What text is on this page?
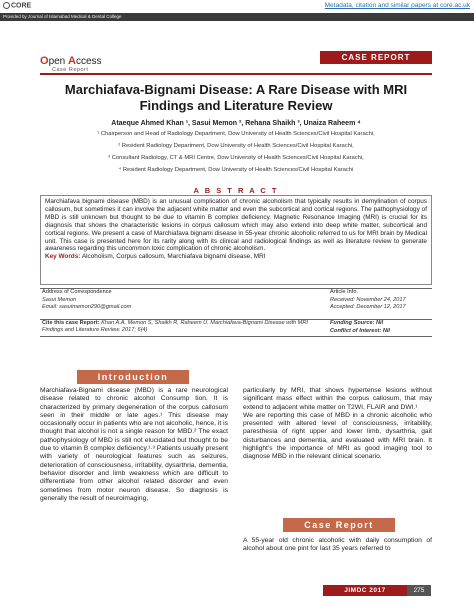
CORE	Metadata, citation and similar papers at core.ac.uk
Provided by Journal of Islamabad Medical & Dental College
Open Access
Case Report
CASE REPORT
Marchiafava-Bignami Disease: A Rare Disease with MRI Findings and Literature Review
Ataeque Ahmed Khan ¹, Sasui Memon ², Rehana Shaikh ³, Unaiza Raheem ⁴
¹ Chairperson and Head of Radiology Department, Dow University of Health Sciences/Civil Hospital Karachi,
² Resident Radiology Department, Dow University of Health Sciences/Civil Hospital Karachi,
³ Consultant Radiology, CT & MRI Centre, Dow University of Health Sciences/Civil Hospital Karachi,
⁴ Resident Radiology Department, Dow University of Health Sciences/Civil Hospital Karachi
A B S T R A C T

Marchiafava bignami disease (MBD) is an unusual complication of chronic alcoholism that typically results in demylination of corpus callosum, but sometimes it can involve the adjacent white matter and even the subcortical and cortical regions. The pathophysiology of MBD is still unknown but thought to be due to vitamin B complex deficiency. Magnetic Resonance Imaging (MRI) is crucial for its diagnosis that shows the characteristic lesions in corpus callosum which may also extend into deep white matter, subcortical and cortical regions. We present a case of Marchiafava bignami disease in 55-year chronic alcoholic referred to us for MRI brain by Medical unit. This case is presented here for its rarity along with its clinical and radiological findings as well as literature review to generate awareness regarding this uncommon toxic complication of chronic alcoholism.

Key Words: Alcoholism, Corpus callosum, Marchiafava bignami disease, MRI

Address of Correspondence	Article Info.
Sasui Memon	Received: November 24, 2017
Email: sasuimemon290@gmail.com	Accepted: December 12, 2017
Cite this case Report: Khan A.A, Memon S, Shaikh R, Raheem U. Marchiafava-Bignami Disease with MRI Findings and Literature Review. 2017; 6(4)
Funding Source: Nil
Conflict of Interest: Nil
Introduction

Marchiafava-Bignami disease (MBD) is a rare neurological disease related to chronic alcohol Consump tion. It is characterized by primary degeneration of the corpus callosum seen in their middle or late ages.¹ This disease may occasionally occur in patients who are not alcoholic, hence, it is thought that alcohol is not a single reason for MBD.² The exact pathophysiology of MBD is still not elucidated but thought to be due to vitamin B complex deficiency.¹·³ Patients usually present with variety of neurological features such as seizures, deterioration of consciousness, irritability, dysarthria, dementia, behavior disorder and limb weakness which are difficult to differentiate from other alcohol related disorder and even sometimes from motor neuron disease. So diagnosis is generally the result of neuroimaging,

particularly by MRI, that shows hypertense lesions without significant mass effect within the corpus callosum, that may extend to adjacent white matter on T2WI, FLAIR and DWI.¹
We are reporting this case of MBD in a chronic alcoholic who presented with altered level of consciousness, irritability, paresthesia of right upper and lower limb, dysarthria, gait disturbances and dementia, and evaluated with MRI brain. It highlight's the importance of MRI as good imaging tool to diagnose MBD in the relevant clinical scenario.

Case Report

A 55-year old chronic alcoholic with daily consumption of alcohol about one pint for last 35 years referred to

JIMDC 2017	275
